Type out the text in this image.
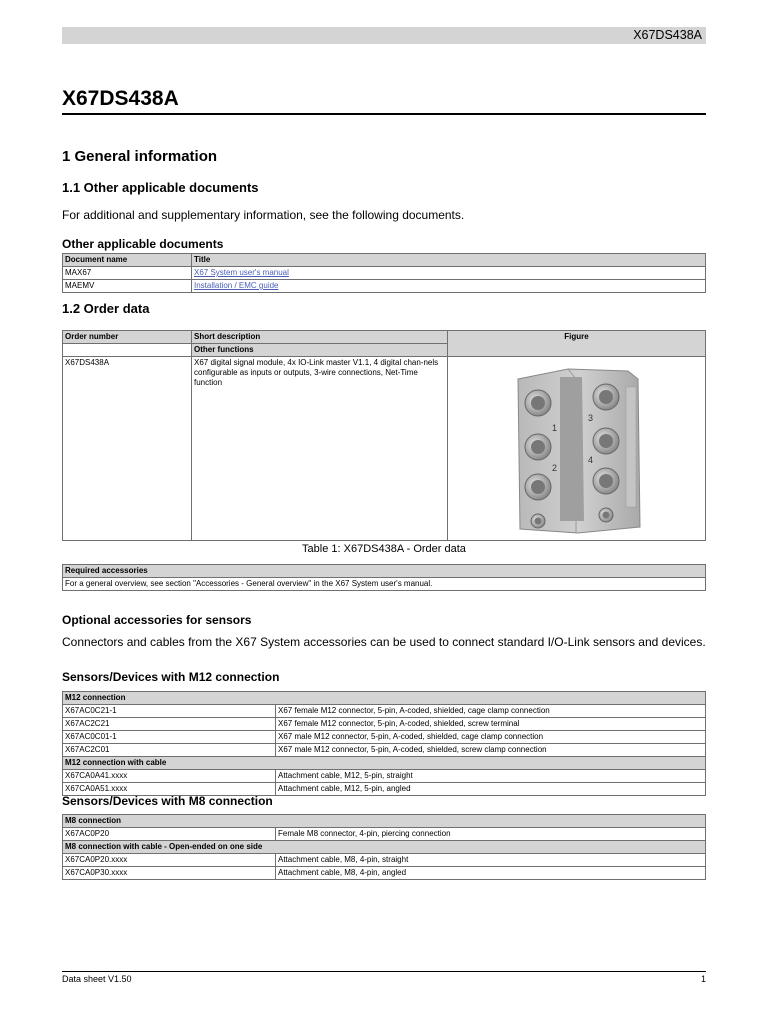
X67DS438A
X67DS438A
1 General information
1.1 Other applicable documents

For additional and supplementary information, see the following documents.

Other applicable documents
Document name	Title
MAX67	X67 System user's manual
MAEMV	Installation / EMC guide
1.2 Order data
Order number	Short description	Figure
	Other functions	
X67DS438A	X67 digital signal module, 4x IO-Link master V1.1, 4 digital chan-nels configurable as inputs or outputs, 3-wire connections, Net-Time function	1
2
3
4
Table 1: X67DS438A - Order data
Required accessories
For a general overview, see section "Accessories - General overview" in the X67 System user's manual.
Optional accessories for sensors

Connectors and cables from the X67 System accessories can be used to connect standard I/O-Link sensors and devices.

Sensors/Devices with M12 connection
M12 connection	
X67AC0C21-1	X67 female M12 connector, 5-pin, A-coded, shielded, cage clamp connection
X67AC2C21	X67 female M12 connector, 5-pin, A-coded, shielded, screw terminal
X67AC0C01-1	X67 male M12 connector, 5-pin, A-coded, shielded, cage clamp connection
X67AC2C01	X67 male M12 connector, 5-pin, A-coded, shielded, screw clamp connection
M12 connection with cable	
X67CA0A41.xxxx	Attachment cable, M12, 5-pin, straight
X67CA0A51.xxxx	Attachment cable, M12, 5-pin, angled
Sensors/Devices with M8 connection
M8 connection	
X67AC0P20	Female M8 connector, 4-pin, piercing connection
M8 connection with cable - Open-ended on one side	
X67CA0P20.xxxx	Attachment cable, M8, 4-pin, straight
X67CA0P30.xxxx	Attachment cable, M8, 4-pin, angled
Data sheet V1.50	1
